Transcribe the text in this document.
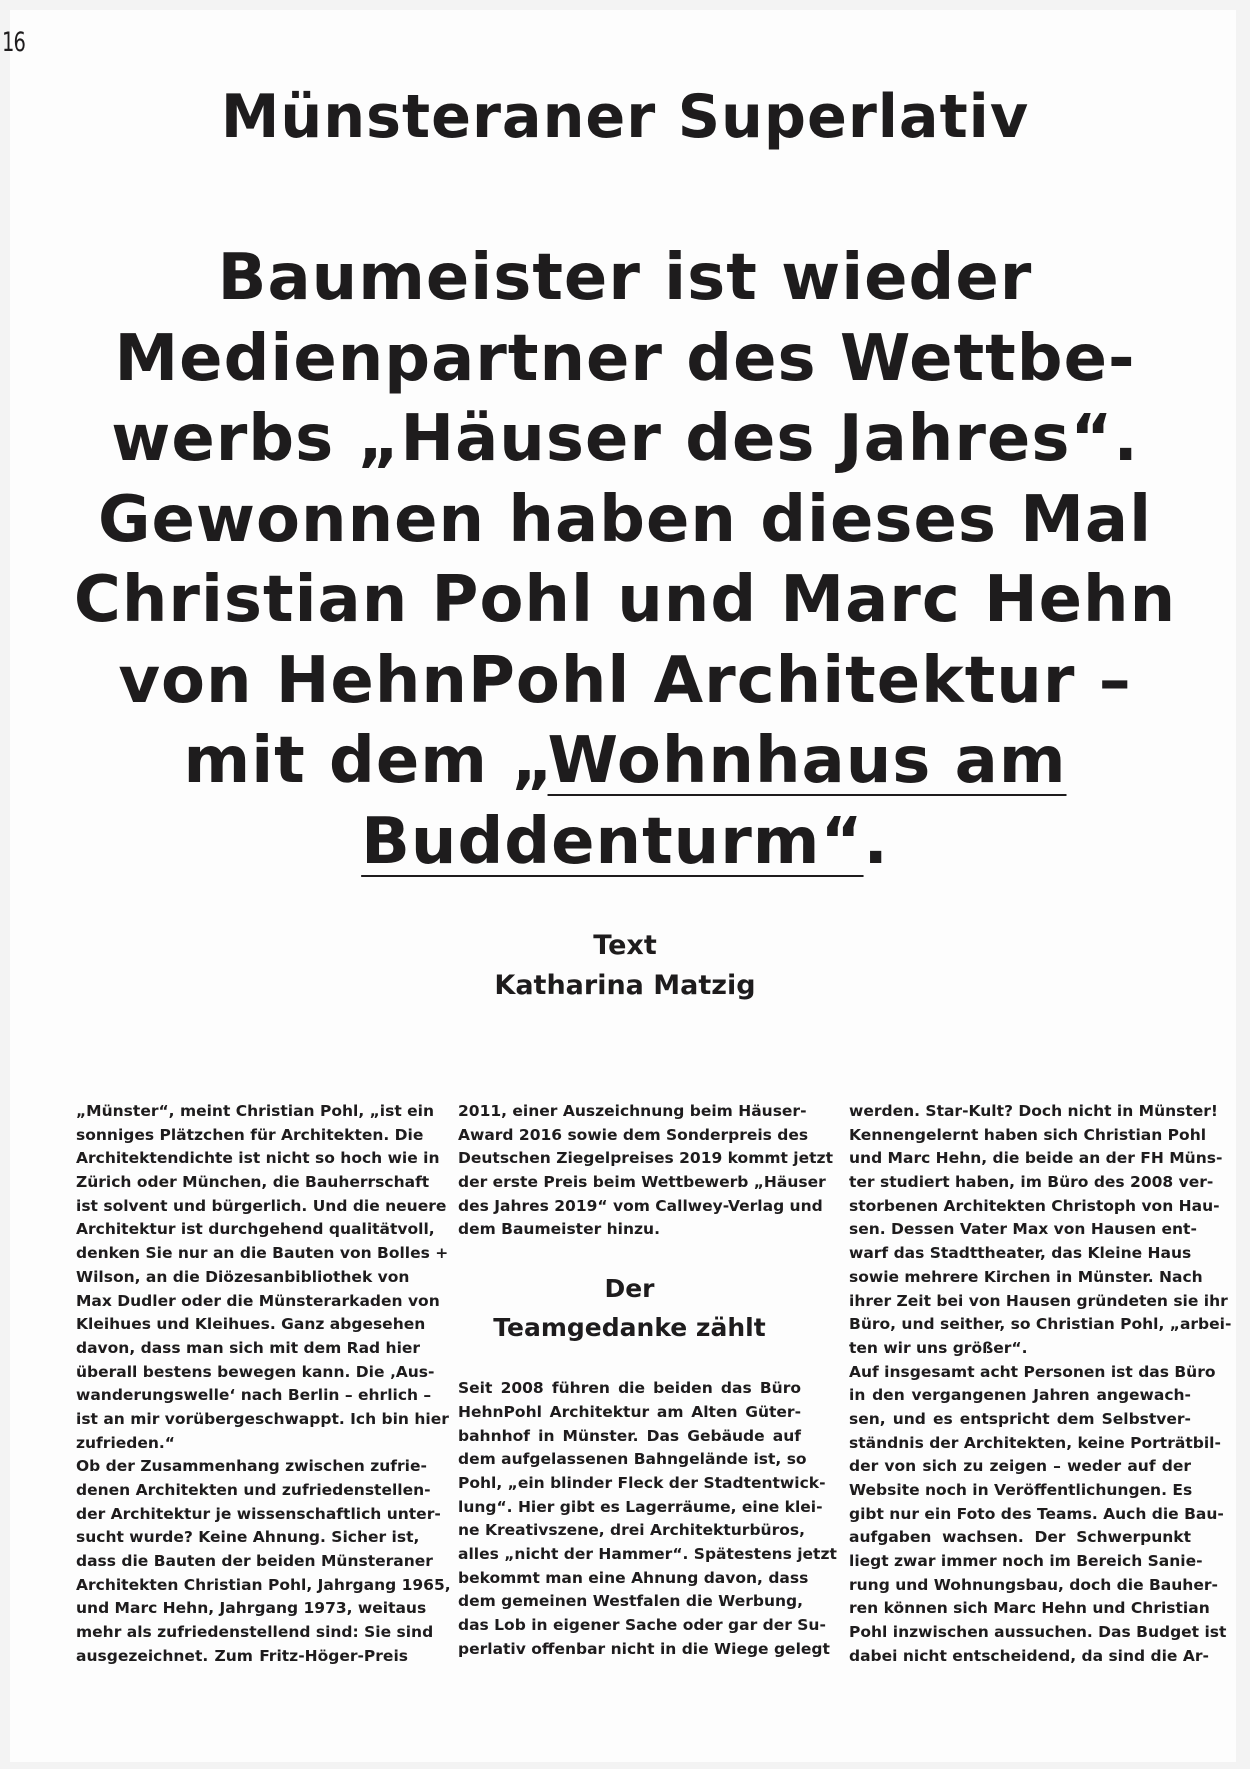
16
Münsteraner Superlativ
Baumeister ist wieder
Medienpartner des Wettbe-
werbs „Häuser des Jahres“.
Gewonnen haben dieses Mal
Christian Pohl und Marc Hehn
von HehnPohl Architektur –
mit dem „Wohnhaus am
Buddenturm“.
Text
Katharina Matzig
„Münster“, meint Christian Pohl, „ist ein
sonniges Plätzchen für Architekten. Die
Architektendichte ist nicht so hoch wie in
Zürich oder München, die Bauherrschaft
ist solvent und bürgerlich. Und die neuere
Architektur ist durchgehend qualitätvoll,
denken Sie nur an die Bauten von Bolles +
Wilson, an die Diözesanbibliothek von
Max Dudler oder die Münsterarkaden von
Kleihues und Kleihues. Ganz abgesehen
davon, dass man sich mit dem Rad hier
überall bestens bewegen kann. Die ‚Aus-
wanderungswelle‘ nach Berlin – ehrlich –
ist an mir vorübergeschwappt. Ich bin hier
zufrieden.“
Ob der Zusammenhang zwischen zufrie-
denen Architekten und zufriedenstellen-
der Architektur je wissenschaftlich unter-
sucht wurde? Keine Ahnung. Sicher ist,
dass die Bauten der beiden Münsteraner
Architekten Christian Pohl, Jahrgang 1965,
und Marc Hehn, Jahrgang 1973, weitaus
mehr als zufriedenstellend sind: Sie sind
ausgezeichnet. Zum Fritz-Höger-Preis
2011, einer Auszeichnung beim Häuser-
Award 2016 sowie dem Sonderpreis des
Deutschen Ziegelpreises 2019 kommt jetzt
der erste Preis beim Wettbewerb „Häuser
des Jahres 2019“ vom Callwey-Verlag und
dem Baumeister hinzu.
Der
Teamgedanke zählt
Seit 2008 führen die beiden das Büro
HehnPohl Architektur am Alten Güter-
bahnhof in Münster. Das Gebäude auf
dem aufgelassenen Bahngelände ist, so
Pohl, „ein blinder Fleck der Stadtentwick-
lung“. Hier gibt es Lagerräume, eine klei-
ne Kreativszene, drei Architekturbüros,
alles „nicht der Hammer“. Spätestens jetzt
bekommt man eine Ahnung davon, dass
dem gemeinen Westfalen die Werbung,
das Lob in eigener Sache oder gar der Su-
perlativ offenbar nicht in die Wiege gelegt
werden. Star-Kult? Doch nicht in Münster!
Kennengelernt haben sich Christian Pohl
und Marc Hehn, die beide an der FH Müns-
ter studiert haben, im Büro des 2008 ver-
storbenen Architekten Christoph von Hau-
sen. Dessen Vater Max von Hausen ent-
warf das Stadttheater, das Kleine Haus
sowie mehrere Kirchen in Münster. Nach
ihrer Zeit bei von Hausen gründeten sie ihr
Büro, und seither, so Christian Pohl, „arbei-
ten wir uns größer“.
Auf insgesamt acht Personen ist das Büro
in den vergangenen Jahren angewach-
sen, und es entspricht dem Selbstver-
ständnis der Architekten, keine Porträtbil-
der von sich zu zeigen – weder auf der
Website noch in Veröffentlichungen. Es
gibt nur ein Foto des Teams. Auch die Bau-
aufgaben wachsen. Der Schwerpunkt
liegt zwar immer noch im Bereich Sanie-
rung und Wohnungsbau, doch die Bauher-
ren können sich Marc Hehn und Christian
Pohl inzwischen aussuchen. Das Budget ist
dabei nicht entscheidend, da sind die Ar-
